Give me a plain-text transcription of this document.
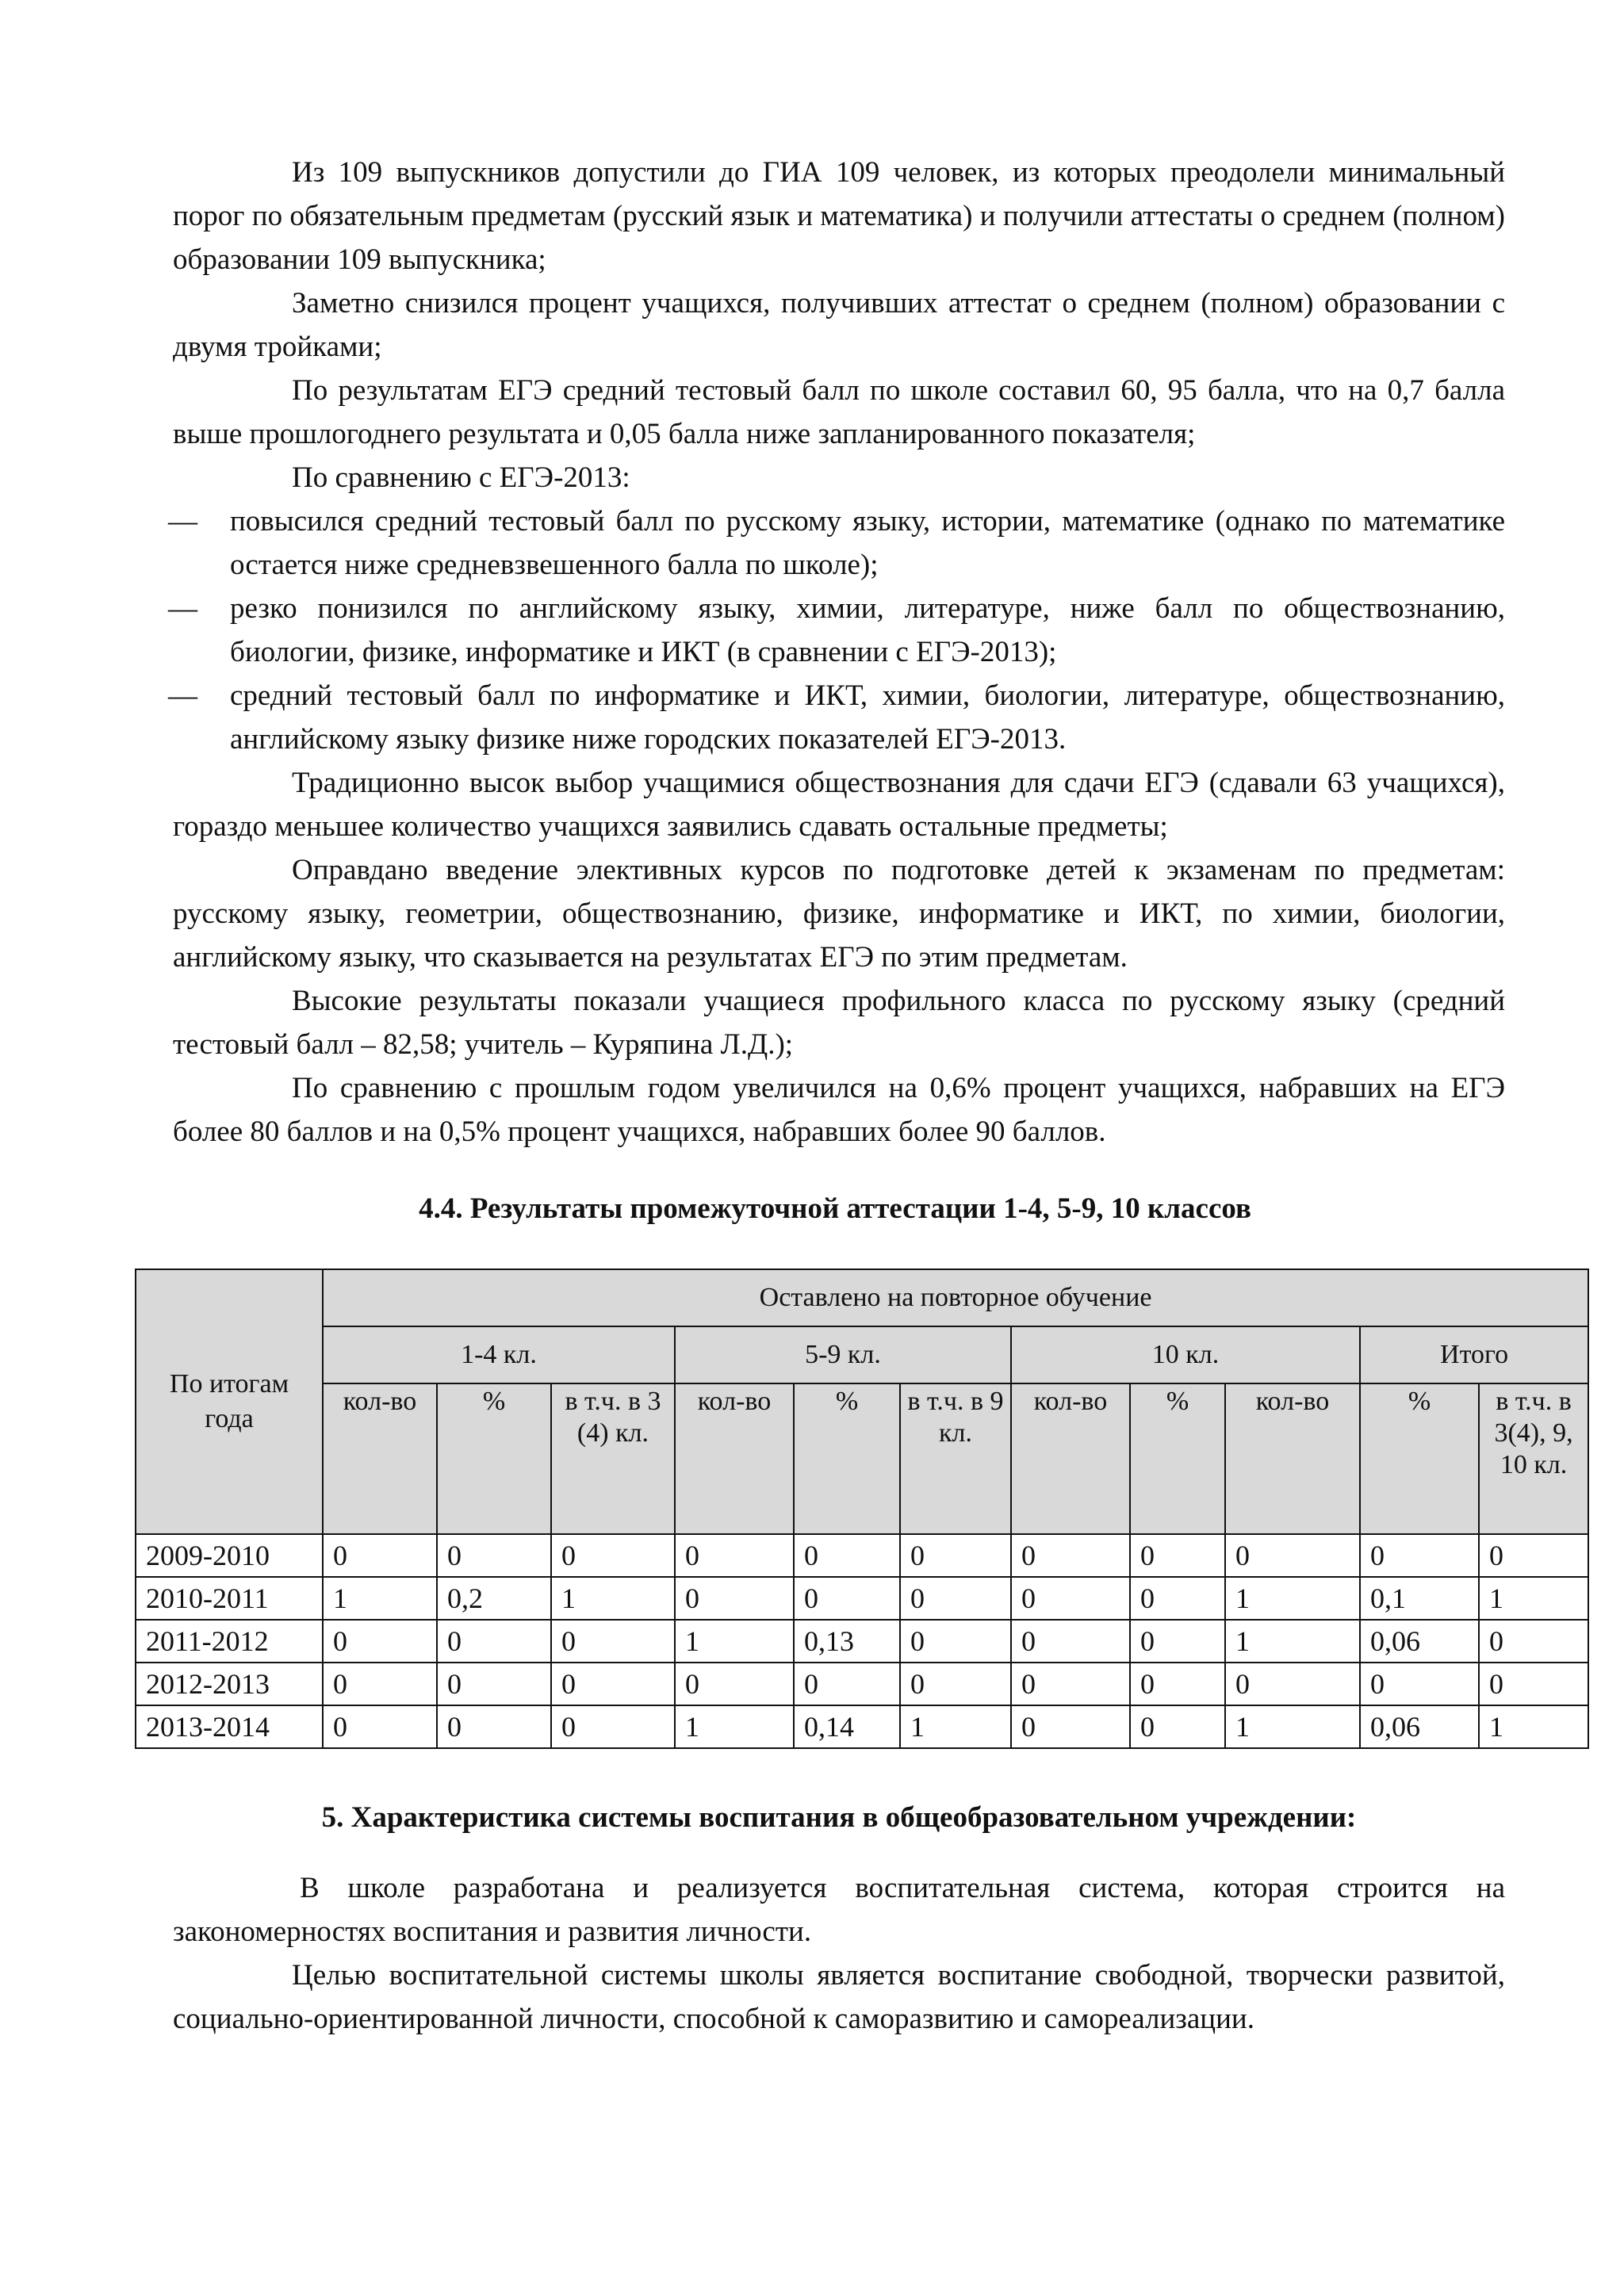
Из 109 выпускников допустили до ГИА 109 человек, из которых преодолели минимальный порог по обязательным предметам (русский язык и математика) и получили аттестаты о среднем (полном) образовании 109 выпускника;

Заметно снизился процент учащихся, получивших аттестат о среднем (полном) образовании с двумя тройками;

По результатам ЕГЭ средний тестовый балл по школе составил 60, 95 балла, что на 0,7 балла выше прошлогоднего результата и 0,05 балла ниже запланированного показателя;

По сравнению с ЕГЭ-2013:

— повысился средний тестовый балл по русскому языку, истории, математике (однако по математике остается ниже средневзвешенного балла по школе);
— резко понизился по английскому языку, химии, литературе, ниже балл по обществознанию, биологии, физике, информатике и ИКТ (в сравнении с ЕГЭ-2013);
— средний тестовый балл по информатике и ИКТ, химии, биологии, литературе, обществознанию, английскому языку физике ниже городских показателей ЕГЭ-2013.

Традиционно высок выбор учащимися обществознания для сдачи ЕГЭ (сдавали 63 учащихся), гораздо меньшее количество учащихся заявились сдавать остальные предметы;

Оправдано введение элективных курсов по подготовке детей к экзаменам по предметам: русскому языку, геометрии, обществознанию, физике, информатике и ИКТ, по химии, биологии, английскому языку, что сказывается на результатах ЕГЭ по этим предметам.

Высокие результаты показали учащиеся профильного класса по русскому языку (средний тестовый балл – 82,58; учитель – Куряпина Л.Д.);

По сравнению с прошлым годом увеличился на 0,6% процент учащихся, набравших на ЕГЭ более 80 баллов и на 0,5% процент учащихся, набравших более 90 баллов.

4.4. Результаты промежуточной аттестации 1-4, 5-9, 10 классов

По итогам года	Оставлено на повторное обучение										
	1-4 кл.			5-9 кл.			10 кл.			Итого	
	кол-во	%	в т.ч. в 3 (4) кл.	кол-во	%	в т.ч. в 9 кл.	кол-во	%	кол-во	%	в т.ч. в 3(4), 9, 10 кл.
2009-2010	0	0	0	0	0	0	0	0	0	0	0
2010-2011	1	0,2	1	0	0	0	0	0	1	0,1	1
2011-2012	0	0	0	1	0,13	0	0	0	1	0,06	0
2012-2013	0	0	0	0	0	0	0	0	0	0	0
2013-2014	0	0	0	1	0,14	1	0	0	1	0,06	1

5. Характеристика системы воспитания в общеобразовательном учреждении:

В школе разработана и реализуется воспитательная система, которая строится на закономерностях воспитания и развития личности.

Целью воспитательной системы школы является воспитание свободной, творчески развитой, социально-ориентированной личности, способной к саморазвитию и самореализации.
